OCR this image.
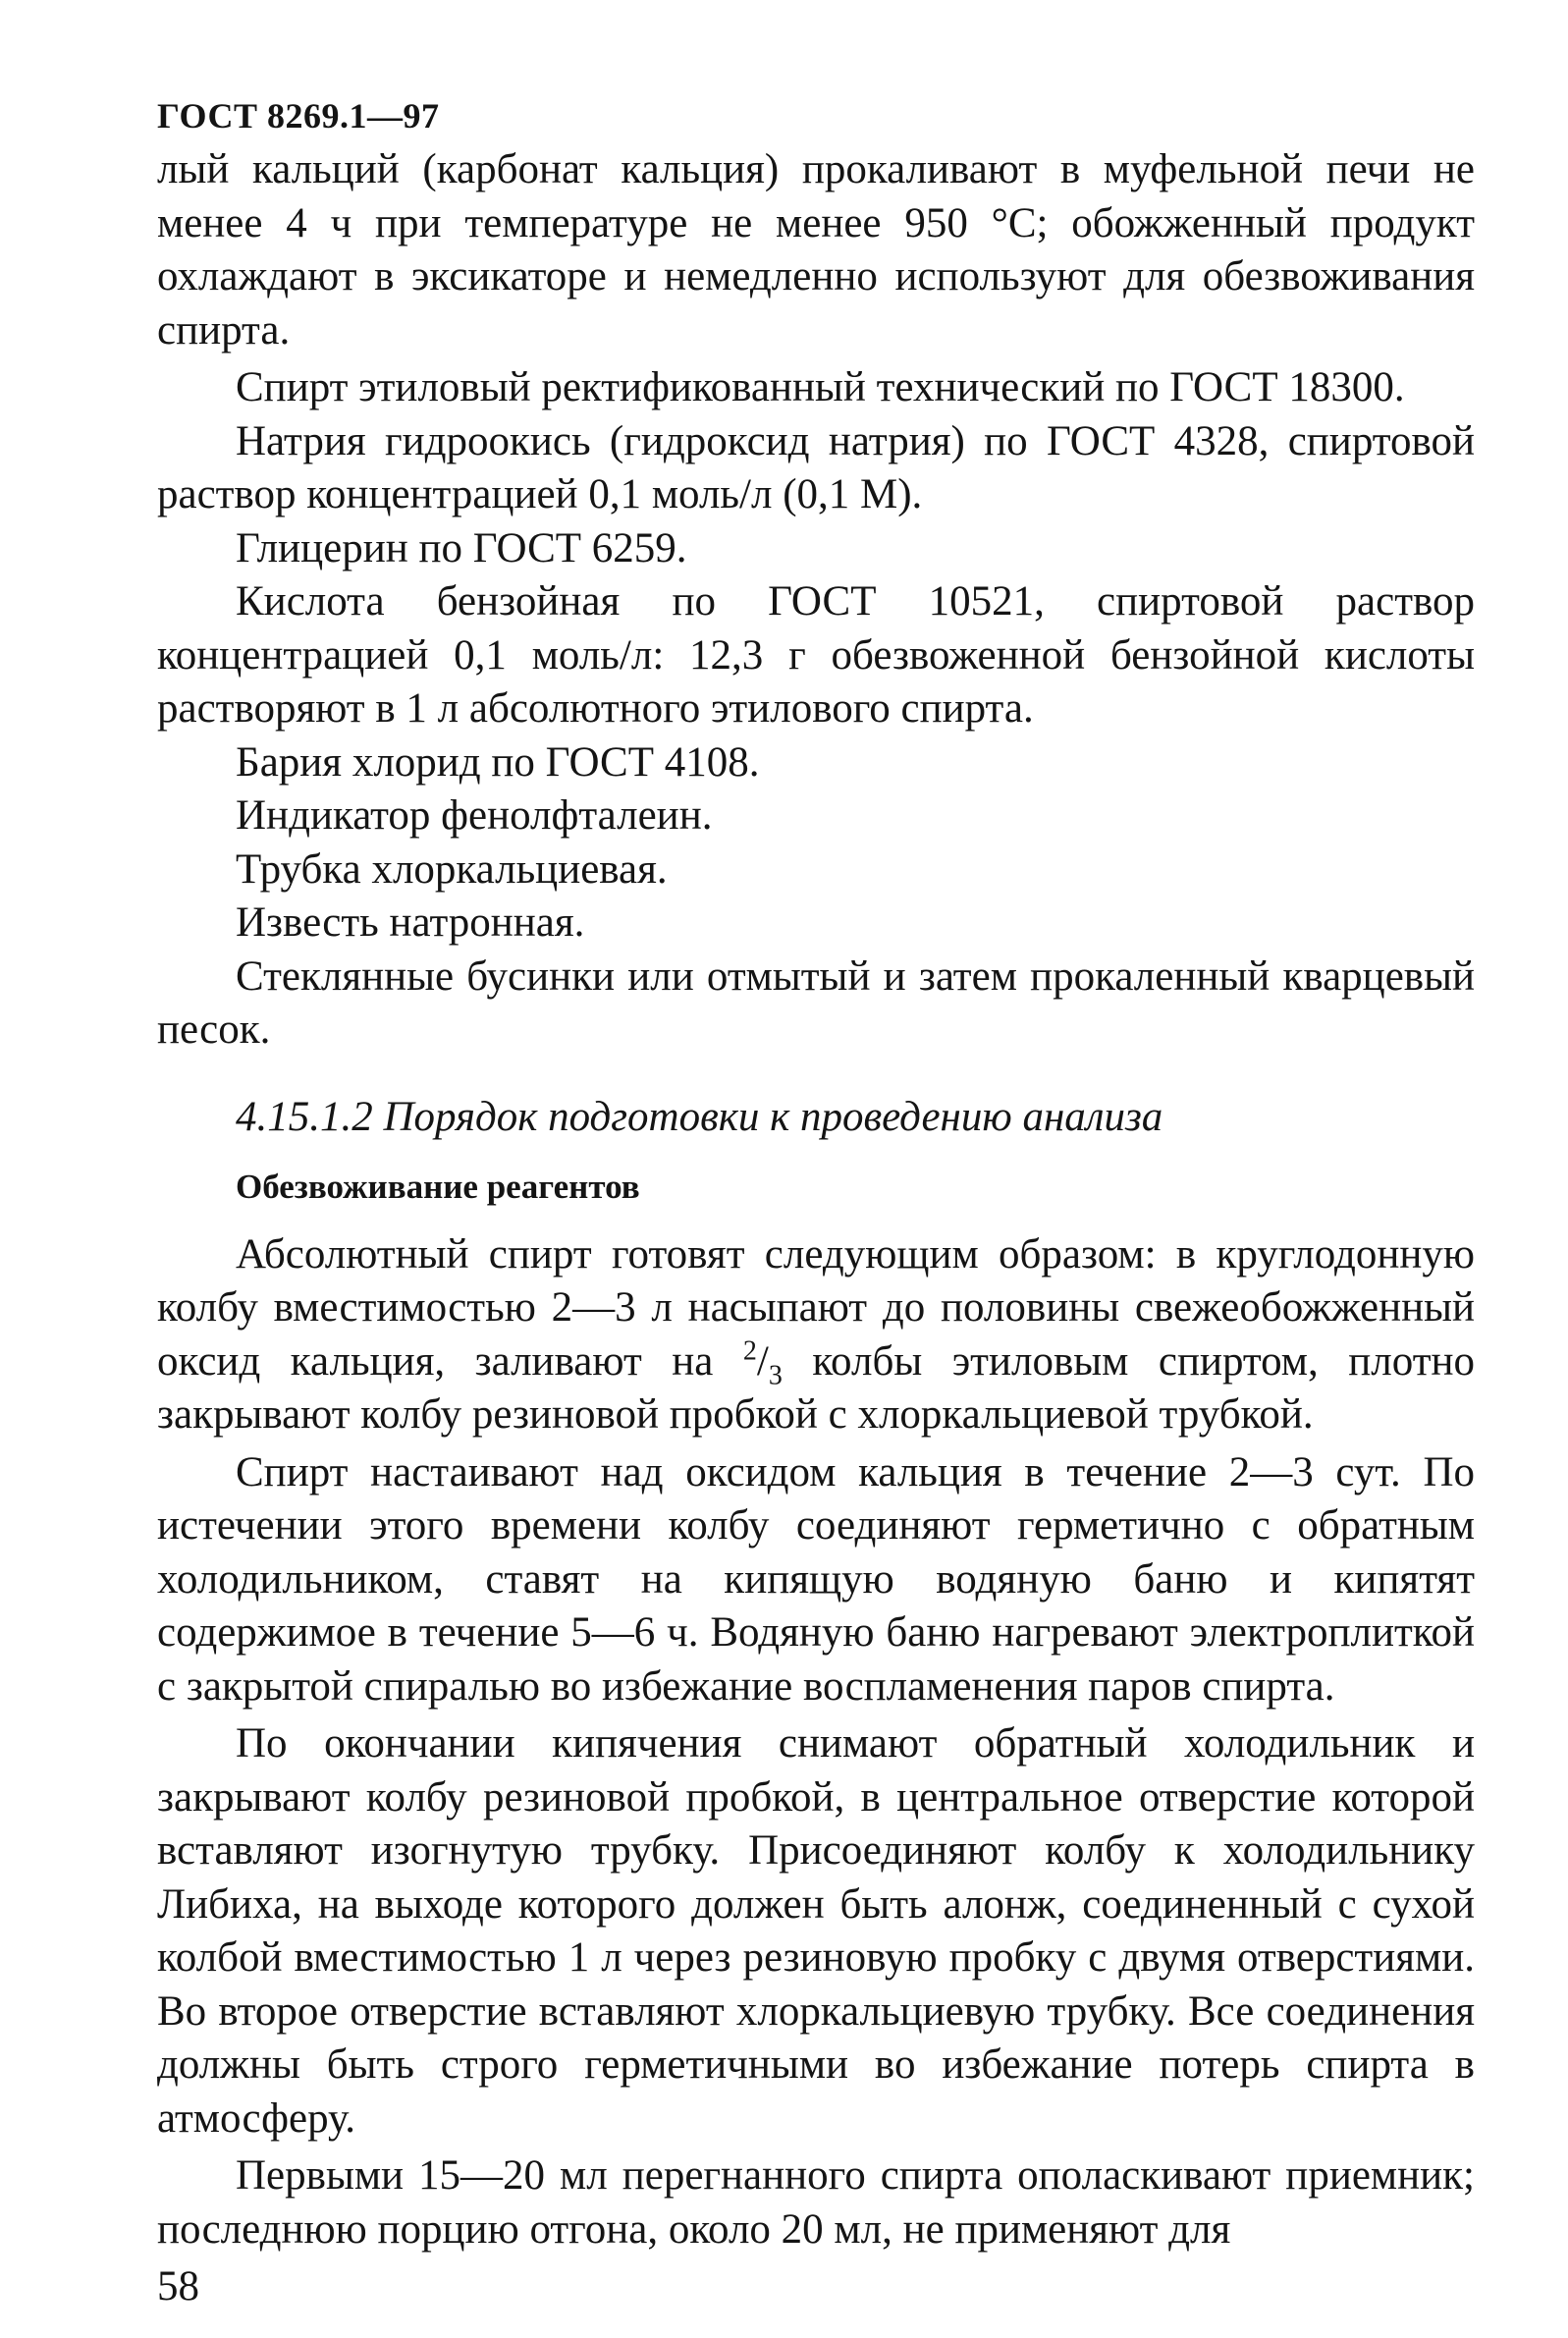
ГОСТ 8269.1—97

лый кальций (карбонат кальция) прокаливают в муфельной печи не менее 4 ч при температуре не менее 950 °С; обожженный продукт охлаждают в эксикаторе и немедленно используют для обезвоживания спирта.

Спирт этиловый ректификованный технический по ГОСТ 18300.

Натрия гидроокись (гидроксид натрия) по ГОСТ 4328, спиртовой раствор концентрацией 0,1 моль/л (0,1 М).

Глицерин по ГОСТ 6259.

Кислота бензойная по ГОСТ 10521, спиртовой раствор концентрацией 0,1 моль/л: 12,3 г обезвоженной бензойной кислоты растворяют в 1 л абсолютного этилового спирта.

Бария хлорид по ГОСТ 4108.

Индикатор фенолфталеин.

Трубка хлоркальциевая.

Известь натронная.

Стеклянные бусинки или отмытый и затем прокаленный кварцевый песок.

4.15.1.2 Порядок подготовки к проведению анализа
Обезвоживание реагентов

Абсолютный спирт готовят следующим образом: в круглодонную колбу вместимостью 2—3 л насыпают до половины свежеобожженный оксид кальция, заливают на $^2/_3$ колбы этиловым спиртом, плотно закрывают колбу резиновой пробкой с хлоркальциевой трубкой.

Спирт настаивают над оксидом кальция в течение 2—3 сут. По истечении этого времени колбу соединяют герметично с обратным холодильником, ставят на кипящую водяную баню и кипятят содержимое в течение 5—6 ч. Водяную баню нагревают электроплиткой с закрытой спиралью во избежание воспламенения паров спирта.

По окончании кипячения снимают обратный холодильник и закрывают колбу резиновой пробкой, в центральное отверстие которой вставляют изогнутую трубку. Присоединяют колбу к холодильнику Либиха, на выходе которого должен быть алонж, соединенный с сухой колбой вместимостью 1 л через резиновую пробку с двумя отверстиями. Во второе отверстие вставляют хлоркальциевую трубку. Все соединения должны быть строго герметичными во избежание потерь спирта в атмосферу.

Первыми 15—20 мл перегнанного спирта ополаскивают приемник; последнюю порцию отгона, около 20 мл, не применяют для

58
